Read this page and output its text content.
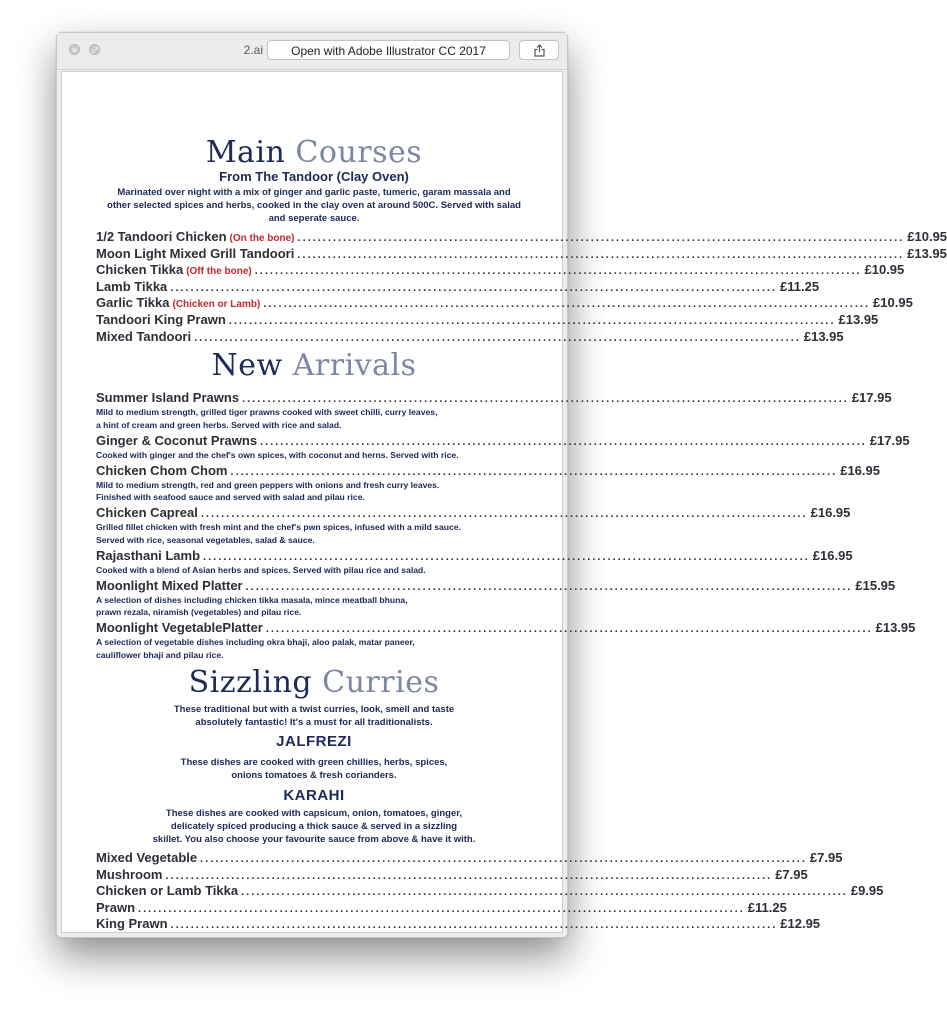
✕ ⤢	2.ai	Open with Adobe Illustrator CC 2017
Main Courses
From The Tandoor (Clay Oven)
Marinated over night with a mix of ginger and garlic paste, tumeric, garam massala and other selected spices and herbs, cooked in the clay oven at around 500C. Served with salad and seperate sauce.
1/2 Tandoori Chicken (On the bone) ........................................................................................................................ £10.95
Moon Light Mixed Grill Tandoori ........................................................................................................................ £13.95
Chicken Tikka (Off the bone) ........................................................................................................................ £10.95
Lamb Tikka ........................................................................................................................ £11.25
Garlic Tikka (Chicken or Lamb) ........................................................................................................................ £10.95
Tandoori King Prawn ........................................................................................................................ £13.95
Mixed Tandoori ........................................................................................................................ £13.95
New Arrivals
Summer Island Prawns ........................................................................................................................ £17.95
Mild to medium strength, grilled tiger prawns cooked with sweet chilli, curry leaves,
a hint of cream and green herbs. Served with rice and salad.
Ginger & Coconut Prawns ........................................................................................................................ £17.95
Cooked with ginger and the chef's own spices, with coconut and herns. Served with rice.
Chicken Chom Chom ........................................................................................................................ £16.95
Mild to medium strength, red and green peppers with onions and fresh curry leaves.
Finished with seafood sauce and served with salad and pilau rice.
Chicken Capreal ........................................................................................................................ £16.95
Grilled fillet chicken with fresh mint and the chef's pwn spices, infused with a mild sauce.
Served with rice, seasonal vegetables, salad & sauce.
Rajasthani Lamb ........................................................................................................................ £16.95
Cooked with a blend of Asian herbs and spices. Served with pilau rice and salad.
Moonlight Mixed Platter ........................................................................................................................ £15.95
A selection of dishes including chicken tikka masala, mince meatball bhuna,
prawn rezala, niramish (vegetables) and pilau rice.
Moonlight VegetablePlatter ........................................................................................................................ £13.95
A selection of vegetable dishes including okra bhaji, aloo palak, matar paneer,
cauliflower bhaji and pilau rice.
Sizzling Curries
These traditional but with a twist curries, look, smell and taste
absolutely fantastic! It's a must for all traditionalists.
JALFREZI
These dishes are cooked with green chillies, herbs, spices,
onions tomatoes & fresh corianders.
KARAHI
These dishes are cooked with capsicum, onion, tomatoes, ginger,
delicately spiced producing a thick sauce & served in a sizzling
skillet. You also choose your favourite sauce from above & have it with.
Mixed Vegetable ........................................................................................................................ £7.95
Mushroom ........................................................................................................................ £7.95
Chicken or Lamb Tikka ........................................................................................................................ £9.95
Prawn ........................................................................................................................ £11.25
King Prawn ........................................................................................................................ £12.95
